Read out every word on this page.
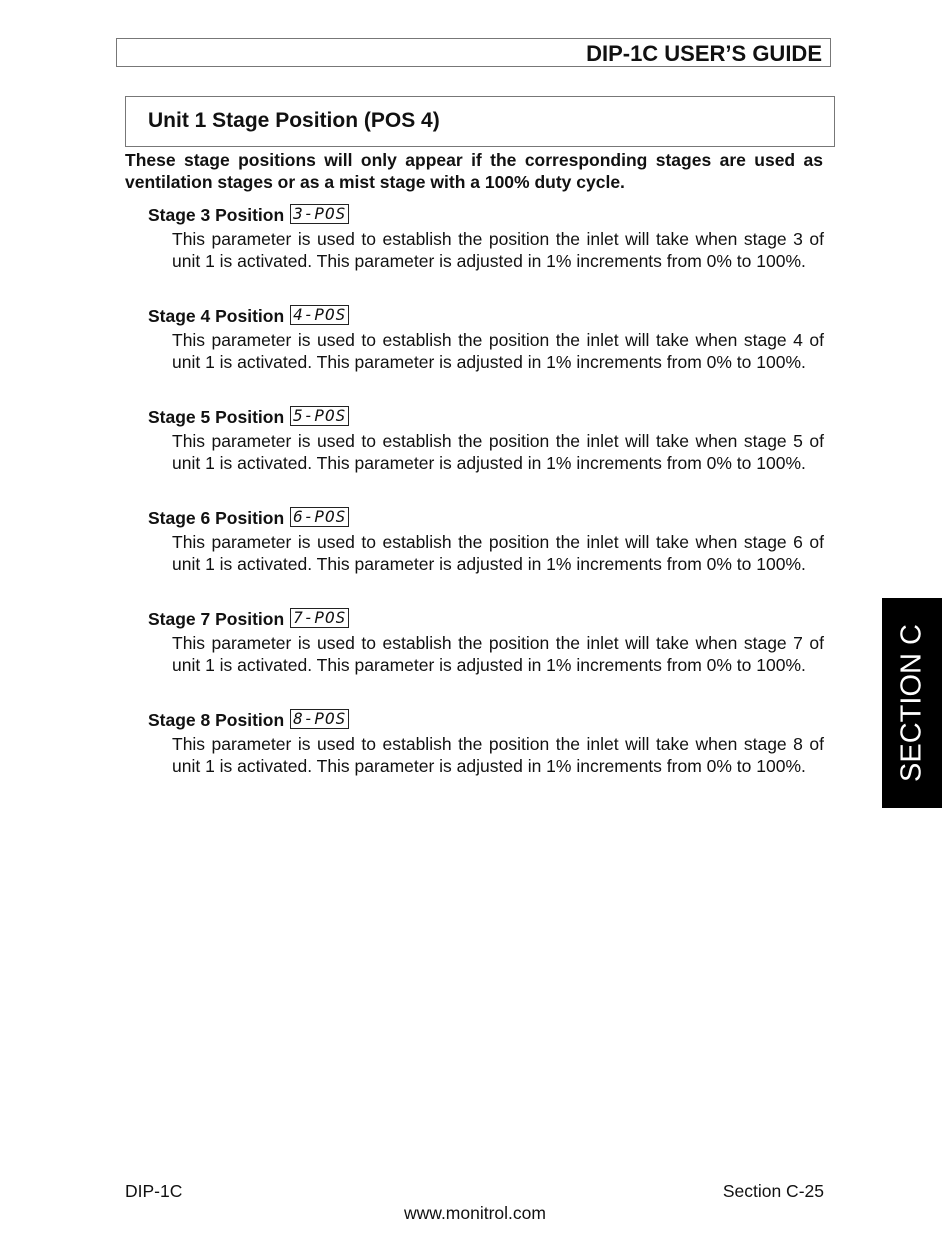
DIP-1C USER’S GUIDE
Unit 1 Stage Position (POS 4)
These stage positions will only appear if the corresponding stages are used as ventilation stages or as a mist stage with a 100% duty cycle.
Stage 3 Position 3-POS
This parameter is used to establish the position the inlet will take when stage 3 of unit 1 is activated. This parameter is adjusted in 1% increments from 0% to 100%.
Stage 4 Position 4-POS
This parameter is used to establish the position the inlet will take when stage 4 of unit 1 is activated. This parameter is adjusted in 1% increments from 0% to 100%.
Stage 5 Position 5-POS
This parameter is used to establish the position the inlet will take when stage 5 of unit 1 is activated. This parameter is adjusted in 1% increments from 0% to 100%.
Stage 6 Position 6-POS
This parameter is used to establish the position the inlet will take when stage 6 of unit 1 is activated. This parameter is adjusted in 1% increments from 0% to 100%.
Stage 7 Position 7-POS
This parameter is used to establish the position the inlet will take when stage 7 of unit 1 is activated. This parameter is adjusted in 1% increments from 0% to 100%.
Stage 8 Position 8-POS
This parameter is used to establish the position the inlet will take when stage 8 of unit 1 is activated. This parameter is adjusted in 1% increments from 0% to 100%.	SECTION C
DIP-1C	Section C-25
www.monitrol.com
